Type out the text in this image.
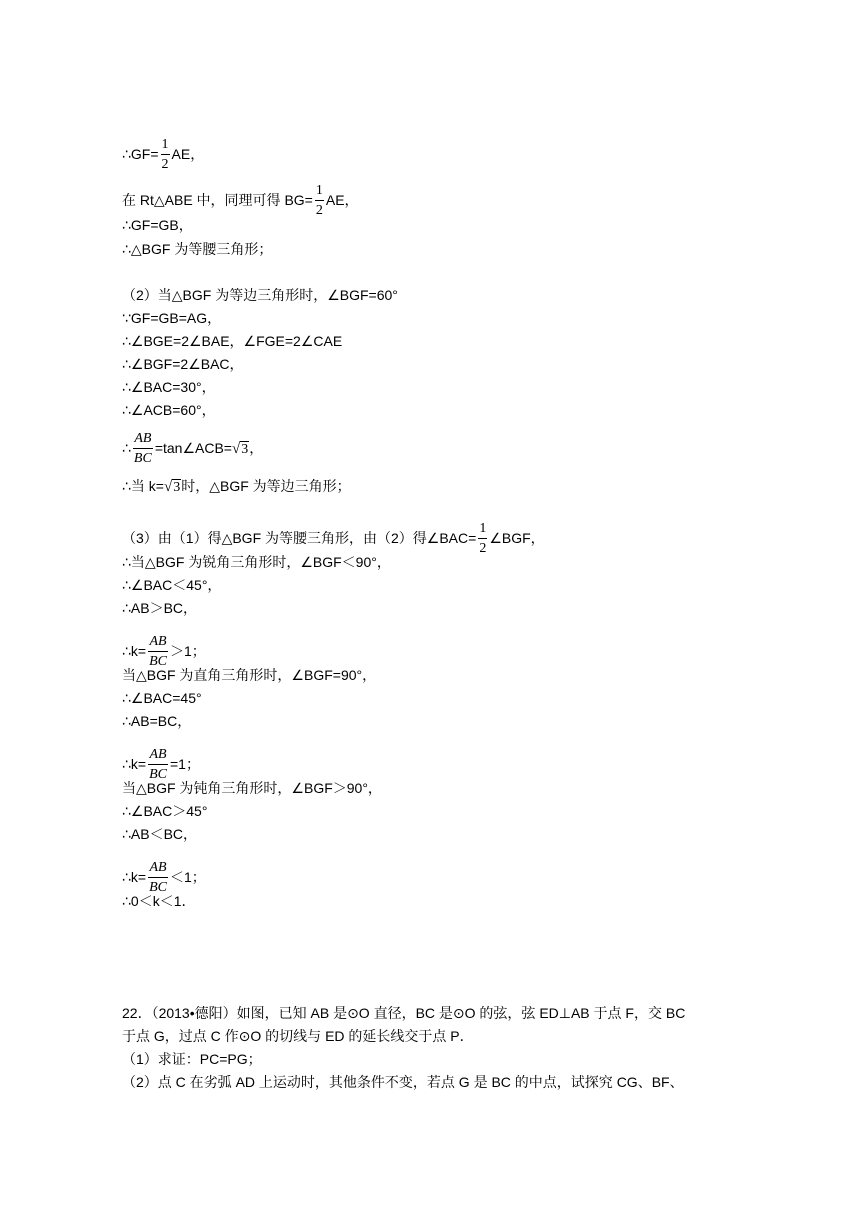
∴GF= $\frac{1}{2}$ AE，
在 Rt△ABE 中，同理可得 $BG= \frac{1}{2}$ AE，
∴GF=GB，
∴△BGF 为等腰三角形；
（2）当△BGF 为等边三角形时，∠BGF=60°
∵GF=GB=AG，
∴∠BGE=2∠BAE，∠FGE=2∠CAE
∴∠BGF=2∠BAC，
∴∠BAC=30°，
∴∠ACB=60°，
∴ $\frac{AB}{BC}$ =tan∠ACB=√3，
∴当 k=√3时，△BGF 为等边三角形；
（3）由（1）得△BGF 为等腰三角形，由（2）得∠BAC= $\frac{1}{2}$ ∠BGF，
∴当△BGF 为锐角三角形时，∠BGF＜90°，
∴∠BAC＜45°，
∴AB＞BC，
∴k= $\frac{AB}{BC} >1$；
当△BGF 为直角三角形时，∠BGF=90°，
∴∠BAC=45°
∴AB=BC，
∴k= $\frac{AB}{BC} =1$；
当△BGF 为钝角三角形时，∠BGF＞90°，
∴∠BAC＞45°
∴AB＜BC，
∴k= $\frac{AB}{BC} <1$；
∴0＜k＜1．
22．（2013•德阳）如图，已知 AB 是⊙O 直径，BC 是⊙O 的弦，弦 ED⊥AB 于点 F，交 BC
于点 G，过点 C 作⊙O 的切线与 ED 的延长线交于点 P．
（1）求证：PC=PG；
（2）点 C 在劣弧 AD 上运动时，其他条件不变，若点 G 是 BC 的中点，试探究 CG、BF、
